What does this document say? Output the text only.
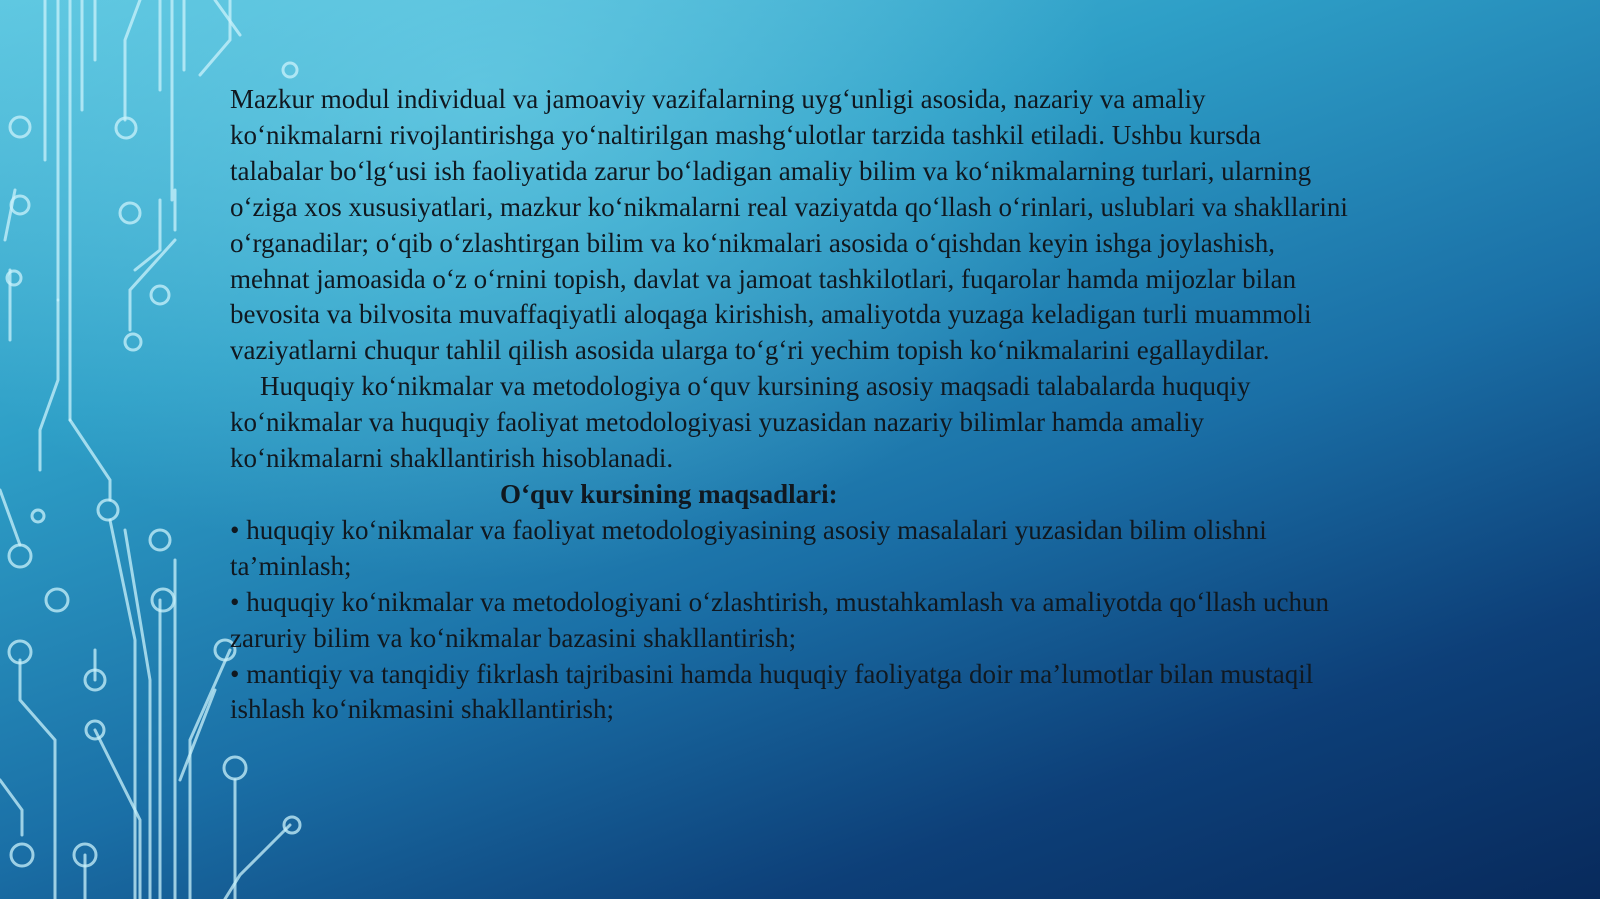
Mazkur modul individual va jamoaviy vazifalarning uyg‘unligi asosida, nazariy va amaliy ko‘nikmalarni rivojlantirishga yo‘naltirilgan mashg‘ulotlar tarzida tashkil etiladi. Ushbu kursda talabalar bo‘lg‘usi ish faoliyatida zarur bo‘ladigan amaliy bilim va ko‘nikmalarning turlari, ularning o‘ziga xos xususiyatlari, mazkur ko‘nikmalarni real vaziyatda qo‘llash o‘rinlari, uslublari va shakllarini o‘rganadilar; o‘qib o‘zlashtirgan bilim va ko‘nikmalari asosida o‘qishdan keyin ishga joylashish, mehnat jamoasida o‘z o‘rnini topish, davlat va jamoat tashkilotlari, fuqarolar hamda mijozlar bilan bevosita va bilvosita muvaffaqiyatli aloqaga kirishish, amaliyotda yuzaga keladigan turli muammoli vaziyatlarni chuqur tahlil qilish asosida ularga to‘g‘ri yechim topish ko‘nikmalarini egallaydilar.

Huquqiy ko‘nikmalar va metodologiya o‘quv kursining asosiy maqsadi talabalarda huquqiy ko‘nikmalar va huquqiy faoliyat metodologiyasi yuzasidan nazariy bilimlar hamda amaliy ko‘nikmalarni shakllantirish hisoblanadi.

O‘quv kursining maqsadlari:

• huquqiy ko‘nikmalar va faoliyat metodologiyasining asosiy masalalari yuzasidan bilim olishni ta’minlash;

• huquqiy ko‘nikmalar va metodologiyani o‘zlashtirish, mustahkamlash va amaliyotda qo‘llash uchun zaruriy bilim va ko‘nikmalar bazasini shakllantirish;

• mantiqiy va tanqidiy fikrlash tajribasini hamda huquqiy faoliyatga doir ma’lumotlar bilan mustaqil ishlash ko‘nikmasini shakllantirish;
